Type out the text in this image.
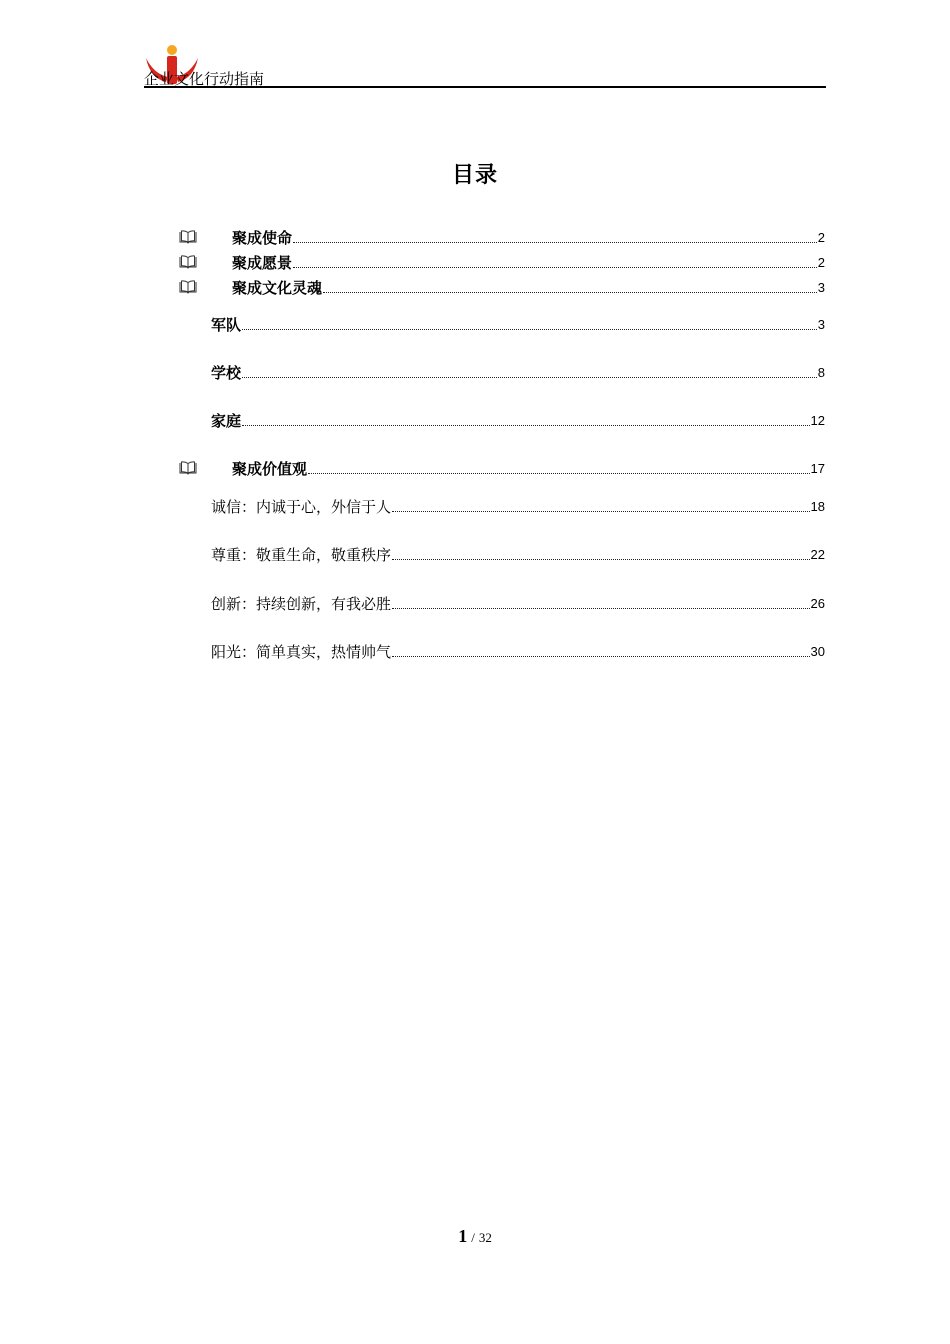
企业文化行动指南
目录
聚成使命	2
聚成愿景	2
聚成文化灵魂	3
军队	3
学校	8
家庭	12
聚成价值观	17
诚信：内诚于心，外信于人	18
尊重：敬重生命，敬重秩序	22
创新：持续创新，有我必胜	26
阳光：简单真实，热情帅气	30
1 / 32
